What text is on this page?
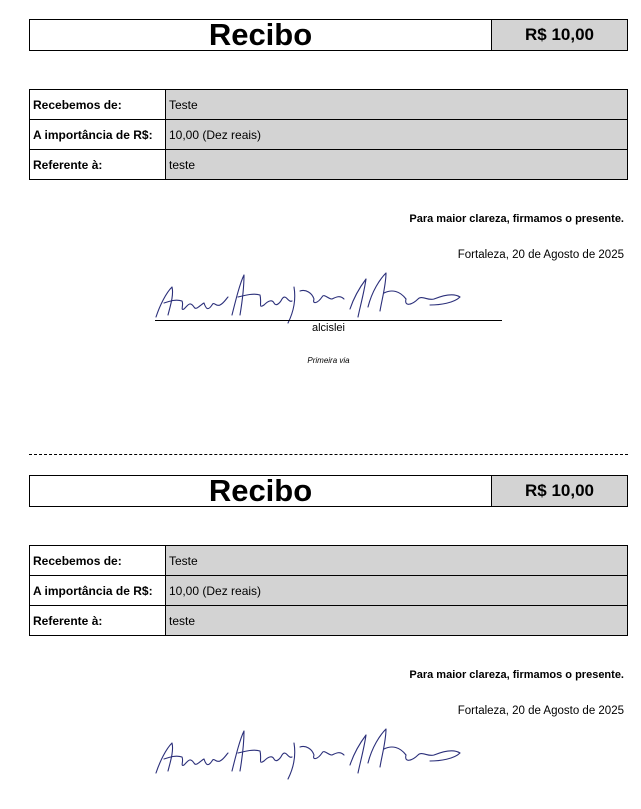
Recibo	R$ 10,00
Recebemos de:	Teste
A importância de R$:	10,00 (Dez reais)
Referente à:	teste
Para maior clareza, firmamos o presente.
Fortaleza, 20 de Agosto de 2025
alcislei
Primeira via
Recibo	R$ 10,00
Recebemos de:	Teste
A importância de R$:	10,00 (Dez reais)
Referente à:	teste
Para maior clareza, firmamos o presente.
Fortaleza, 20 de Agosto de 2025
